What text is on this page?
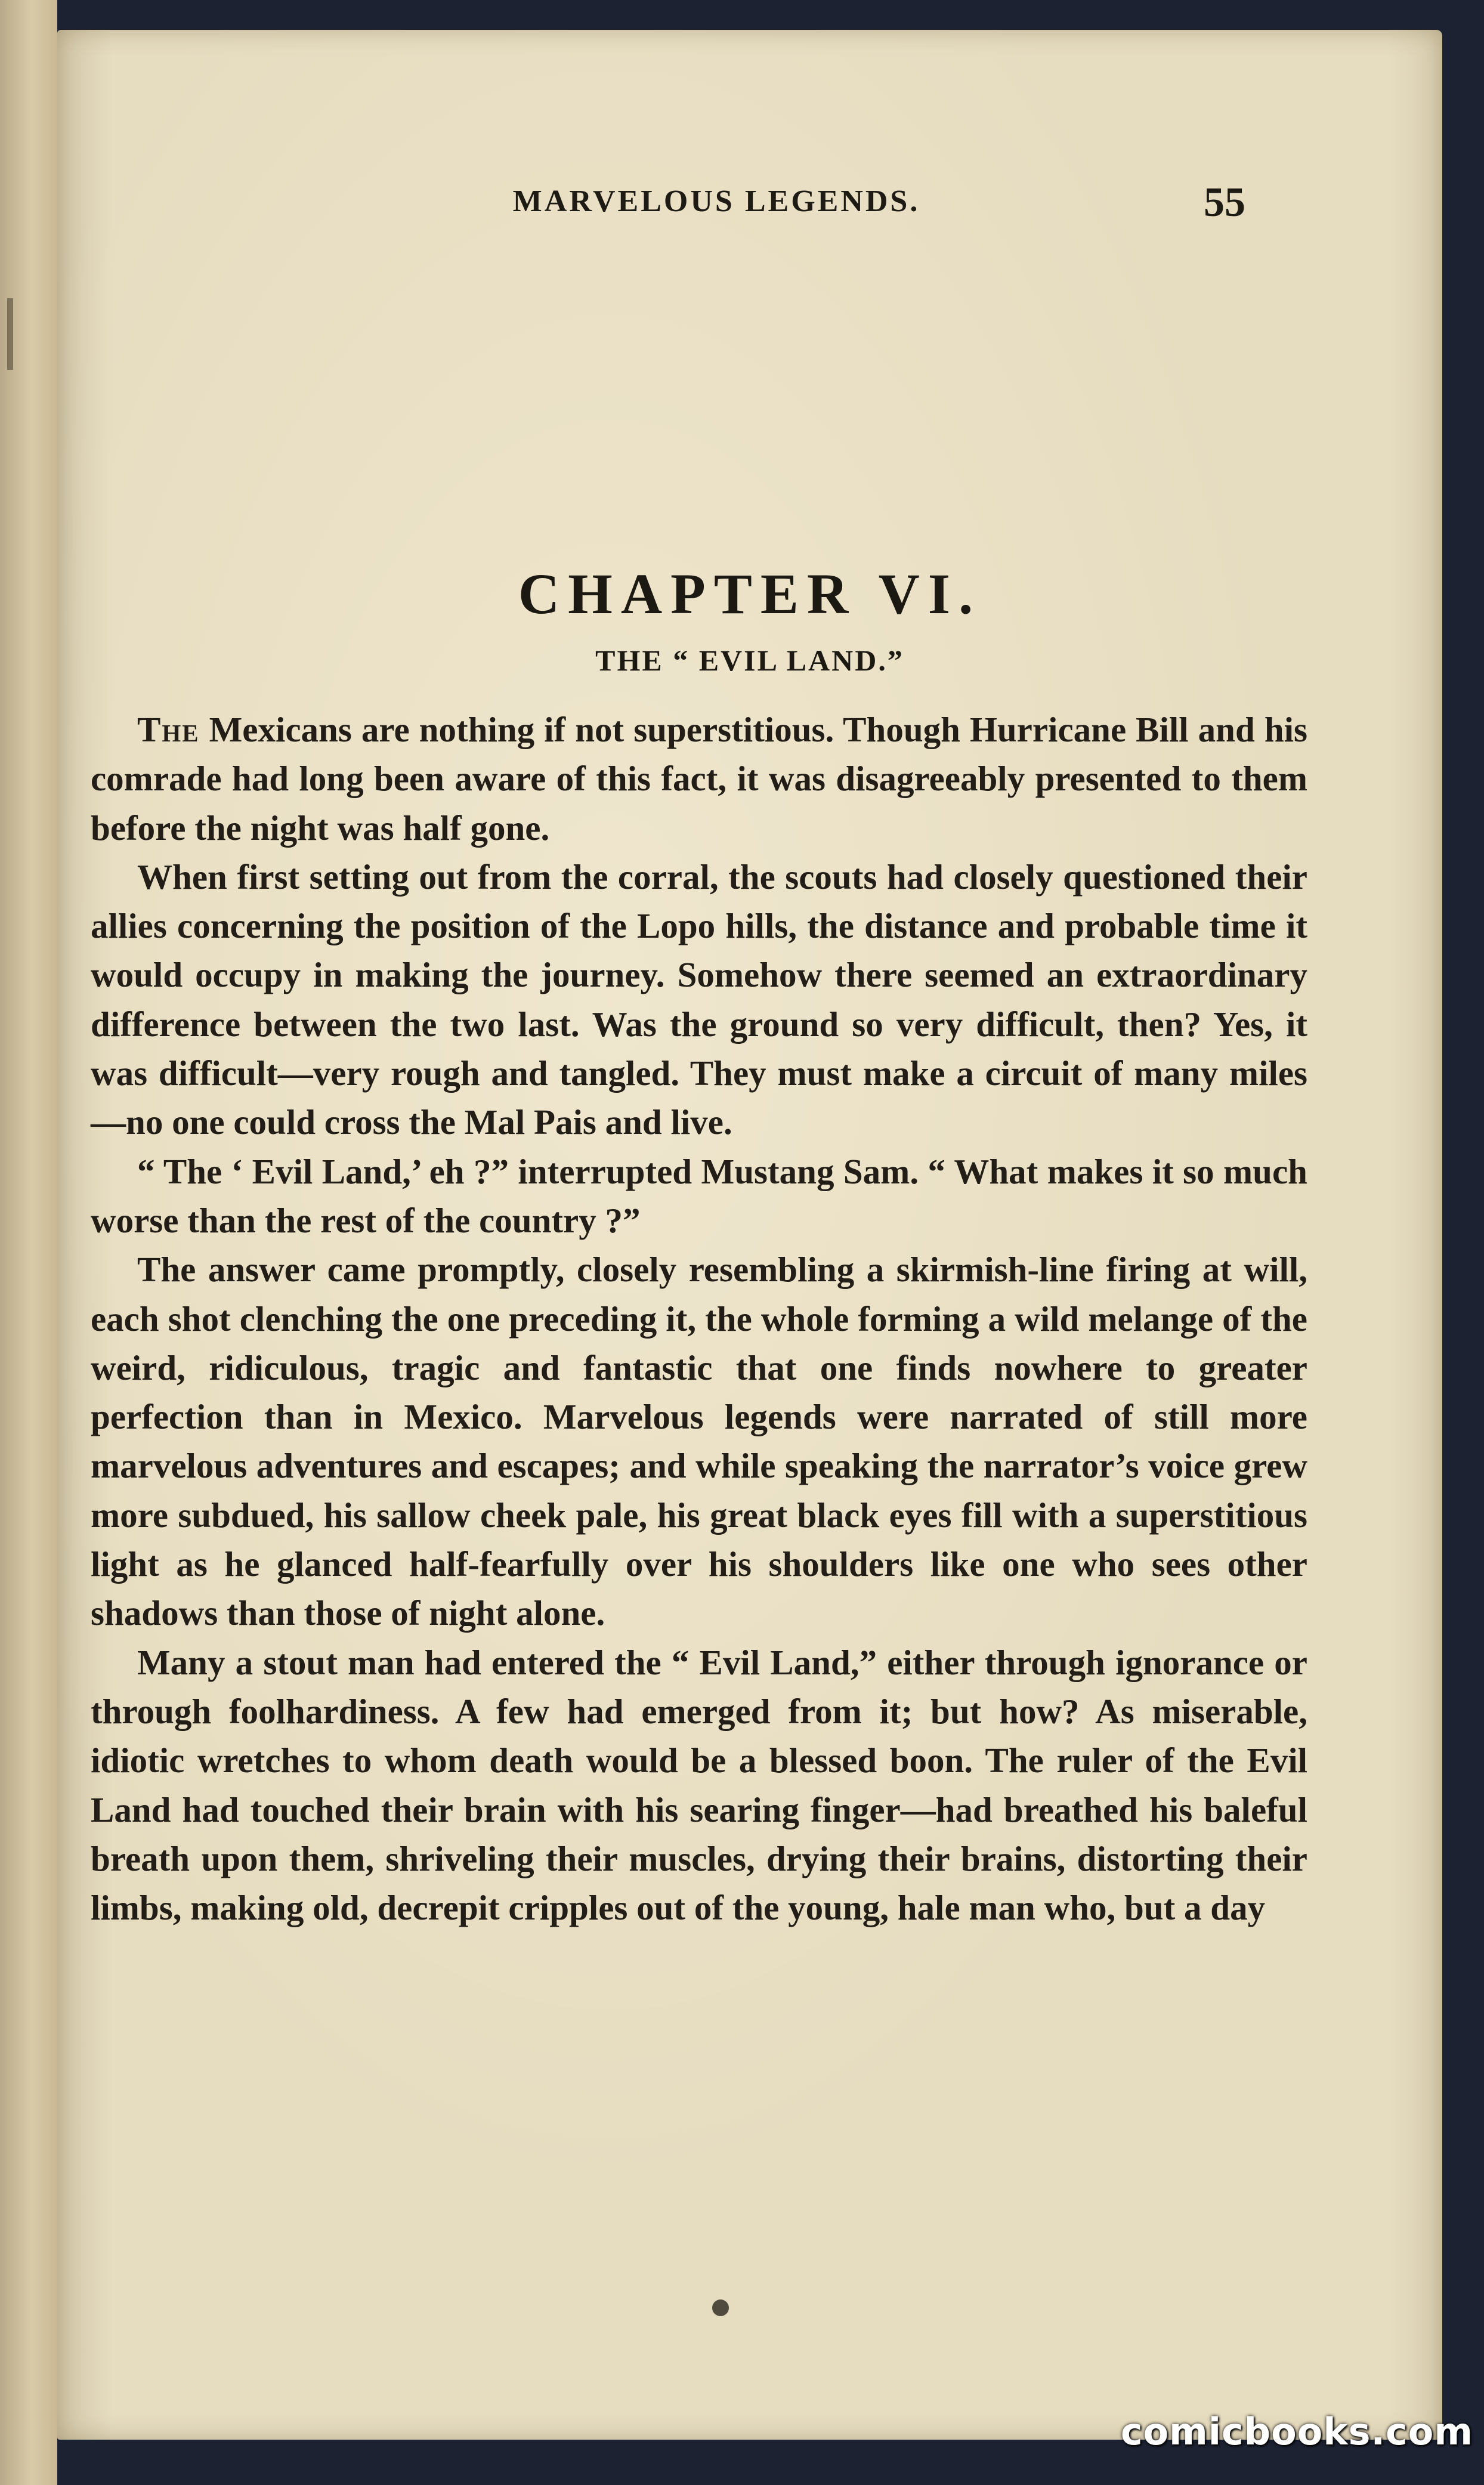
MARVELOUS LEGENDS.	55
CHAPTER VI.
THE “ EVIL LAND.”

The Mexicans are nothing if not superstitious. Though Hurricane Bill and his comrade had long been aware of this fact, it was disagreeably presented to them before the night was half gone.

When first setting out from the corral, the scouts had closely questioned their allies concerning the position of the Lopo hills, the distance and probable time it would occupy in making the journey. Somehow there seemed an extraordinary difference between the two last. Was the ground so very difficult, then? Yes, it was difficult—very rough and tangled. They must make a circuit of many miles—no one could cross the Mal Pais and live.

“ The ‘ Evil Land,’ eh ?” interrupted Mustang Sam. “ What makes it so much worse than the rest of the country ?”

The answer came promptly, closely resembling a skirmish-line firing at will, each shot clenching the one preceding it, the whole forming a wild melange of the weird, ridiculous, tragic and fantastic that one finds nowhere to greater perfection than in Mexico. Marvelous legends were narrated of still more marvelous adventures and escapes; and while speaking the narrator’s voice grew more subdued, his sallow cheek pale, his great black eyes fill with a superstitious light as he glanced half-fearfully over his shoulders like one who sees other shadows than those of night alone.

Many a stout man had entered the “ Evil Land,” either through ignorance or through foolhardiness. A few had emerged from it; but how? As miserable, idiotic wretches to whom death would be a blessed boon. The ruler of the Evil Land had touched their brain with his searing finger—had breathed his baleful breath upon them, shriveling their muscles, drying their brains, distorting their limbs, making old, decrepit cripples out of the young, hale man who, but a day

comicbooks.com
